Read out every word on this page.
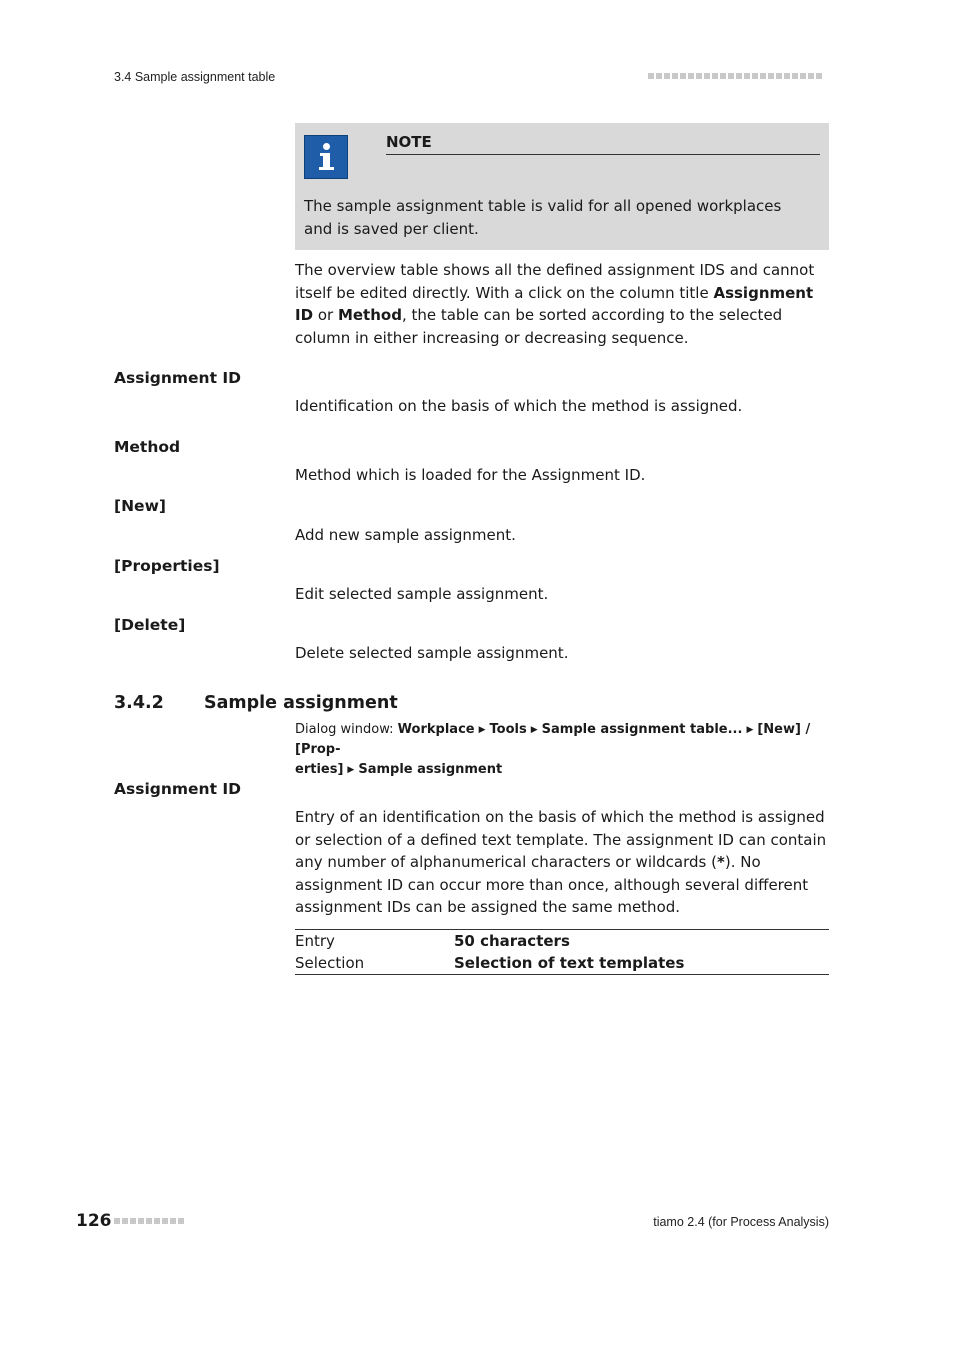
3.4 Sample assignment table
NOTE
The sample assignment table is valid for all opened workplaces and is saved per client.
The overview table shows all the defined assignment IDS and cannot itself be edited directly. With a click on the column title Assignment ID or Method, the table can be sorted according to the selected column in either increasing or decreasing sequence.
Assignment ID
Identification on the basis of which the method is assigned.
Method
Method which is loaded for the Assignment ID.
[New]
Add new sample assignment.
[Properties]
Edit selected sample assignment.
[Delete]
Delete selected sample assignment.
3.4.2 Sample assignment
Dialog window: Workplace ▶ Tools ▶ Sample assignment table... ▶ [New] / [Prop-
erties] ▶ Sample assignment
Assignment ID
Entry of an identification on the basis of which the method is assigned or selection of a defined text template. The assignment ID can contain any number of alphanumerical characters or wildcards (*). No assignment ID can occur more than once, although several different assignment IDs can be assigned the same method.
Entry	50 characters
Selection	Selection of text templates
126	tiamo 2.4 (for Process Analysis)
